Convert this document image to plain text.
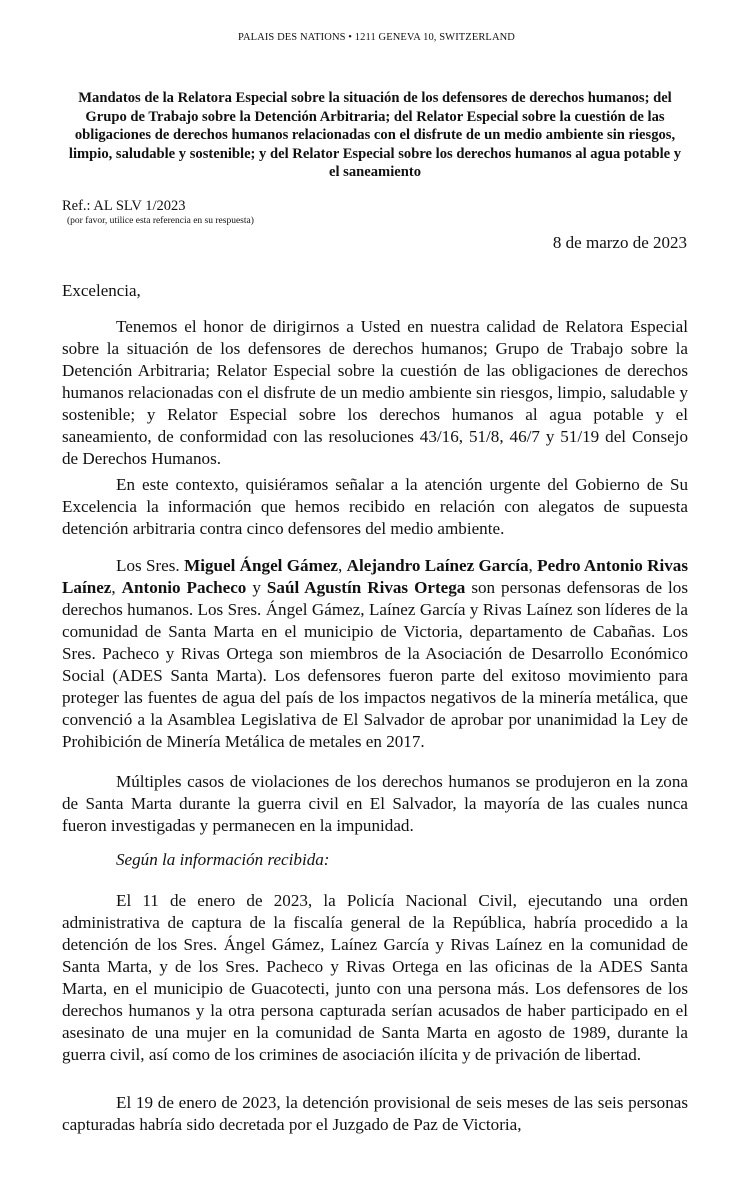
PALAIS DES NATIONS • 1211 GENEVA 10, SWITZERLAND
Mandatos de la Relatora Especial sobre la situación de los defensores de derechos humanos; del Grupo de Trabajo sobre la Detención Arbitraria; del Relator Especial sobre la cuestión de las obligaciones de derechos humanos relacionadas con el disfrute de un medio ambiente sin riesgos, limpio, saludable y sostenible; y del Relator Especial sobre los derechos humanos al agua potable y el saneamiento
Ref.: AL SLV 1/2023
(por favor, utilice esta referencia en su respuesta)
8 de marzo de 2023
Excelencia,

Tenemos el honor de dirigirnos a Usted en nuestra calidad de Relatora Especial sobre la situación de los defensores de derechos humanos; Grupo de Trabajo sobre la Detención Arbitraria; Relator Especial sobre la cuestión de las obligaciones de derechos humanos relacionadas con el disfrute de un medio ambiente sin riesgos, limpio, saludable y sostenible; y Relator Especial sobre los derechos humanos al agua potable y el saneamiento, de conformidad con las resoluciones 43/16, 51/8, 46/7 y 51/19 del Consejo de Derechos Humanos.

En este contexto, quisiéramos señalar a la atención urgente del Gobierno de Su Excelencia la información que hemos recibido en relación con alegatos de supuesta detención arbitraria contra cinco defensores del medio ambiente.

Los Sres. Miguel Ángel Gámez, Alejandro Laínez García, Pedro Antonio Rivas Laínez, Antonio Pacheco y Saúl Agustín Rivas Ortega son personas defensoras de los derechos humanos. Los Sres. Ángel Gámez, Laínez García y Rivas Laínez son líderes de la comunidad de Santa Marta en el municipio de Victoria, departamento de Cabañas. Los Sres. Pacheco y Rivas Ortega son miembros de la Asociación de Desarrollo Económico Social (ADES Santa Marta). Los defensores fueron parte del exitoso movimiento para proteger las fuentes de agua del país de los impactos negativos de la minería metálica, que convenció a la Asamblea Legislativa de El Salvador de aprobar por unanimidad la Ley de Prohibición de Minería Metálica de metales en 2017.

Múltiples casos de violaciones de los derechos humanos se produjeron en la zona de Santa Marta durante la guerra civil en El Salvador, la mayoría de las cuales nunca fueron investigadas y permanecen en la impunidad.

Según la información recibida:

El 11 de enero de 2023, la Policía Nacional Civil, ejecutando una orden administrativa de captura de la fiscalía general de la República, habría procedido a la detención de los Sres. Ángel Gámez, Laínez García y Rivas Laínez en la comunidad de Santa Marta, y de los Sres. Pacheco y Rivas Ortega en las oficinas de la ADES Santa Marta, en el municipio de Guacotecti, junto con una persona más. Los defensores de los derechos humanos y la otra persona capturada serían acusados de haber participado en el asesinato de una mujer en la comunidad de Santa Marta en agosto de 1989, durante la guerra civil, así como de los crimines de asociación ilícita y de privación de libertad.

El 19 de enero de 2023, la detención provisional de seis meses de las seis personas capturadas habría sido decretada por el Juzgado de Paz de Victoria,
